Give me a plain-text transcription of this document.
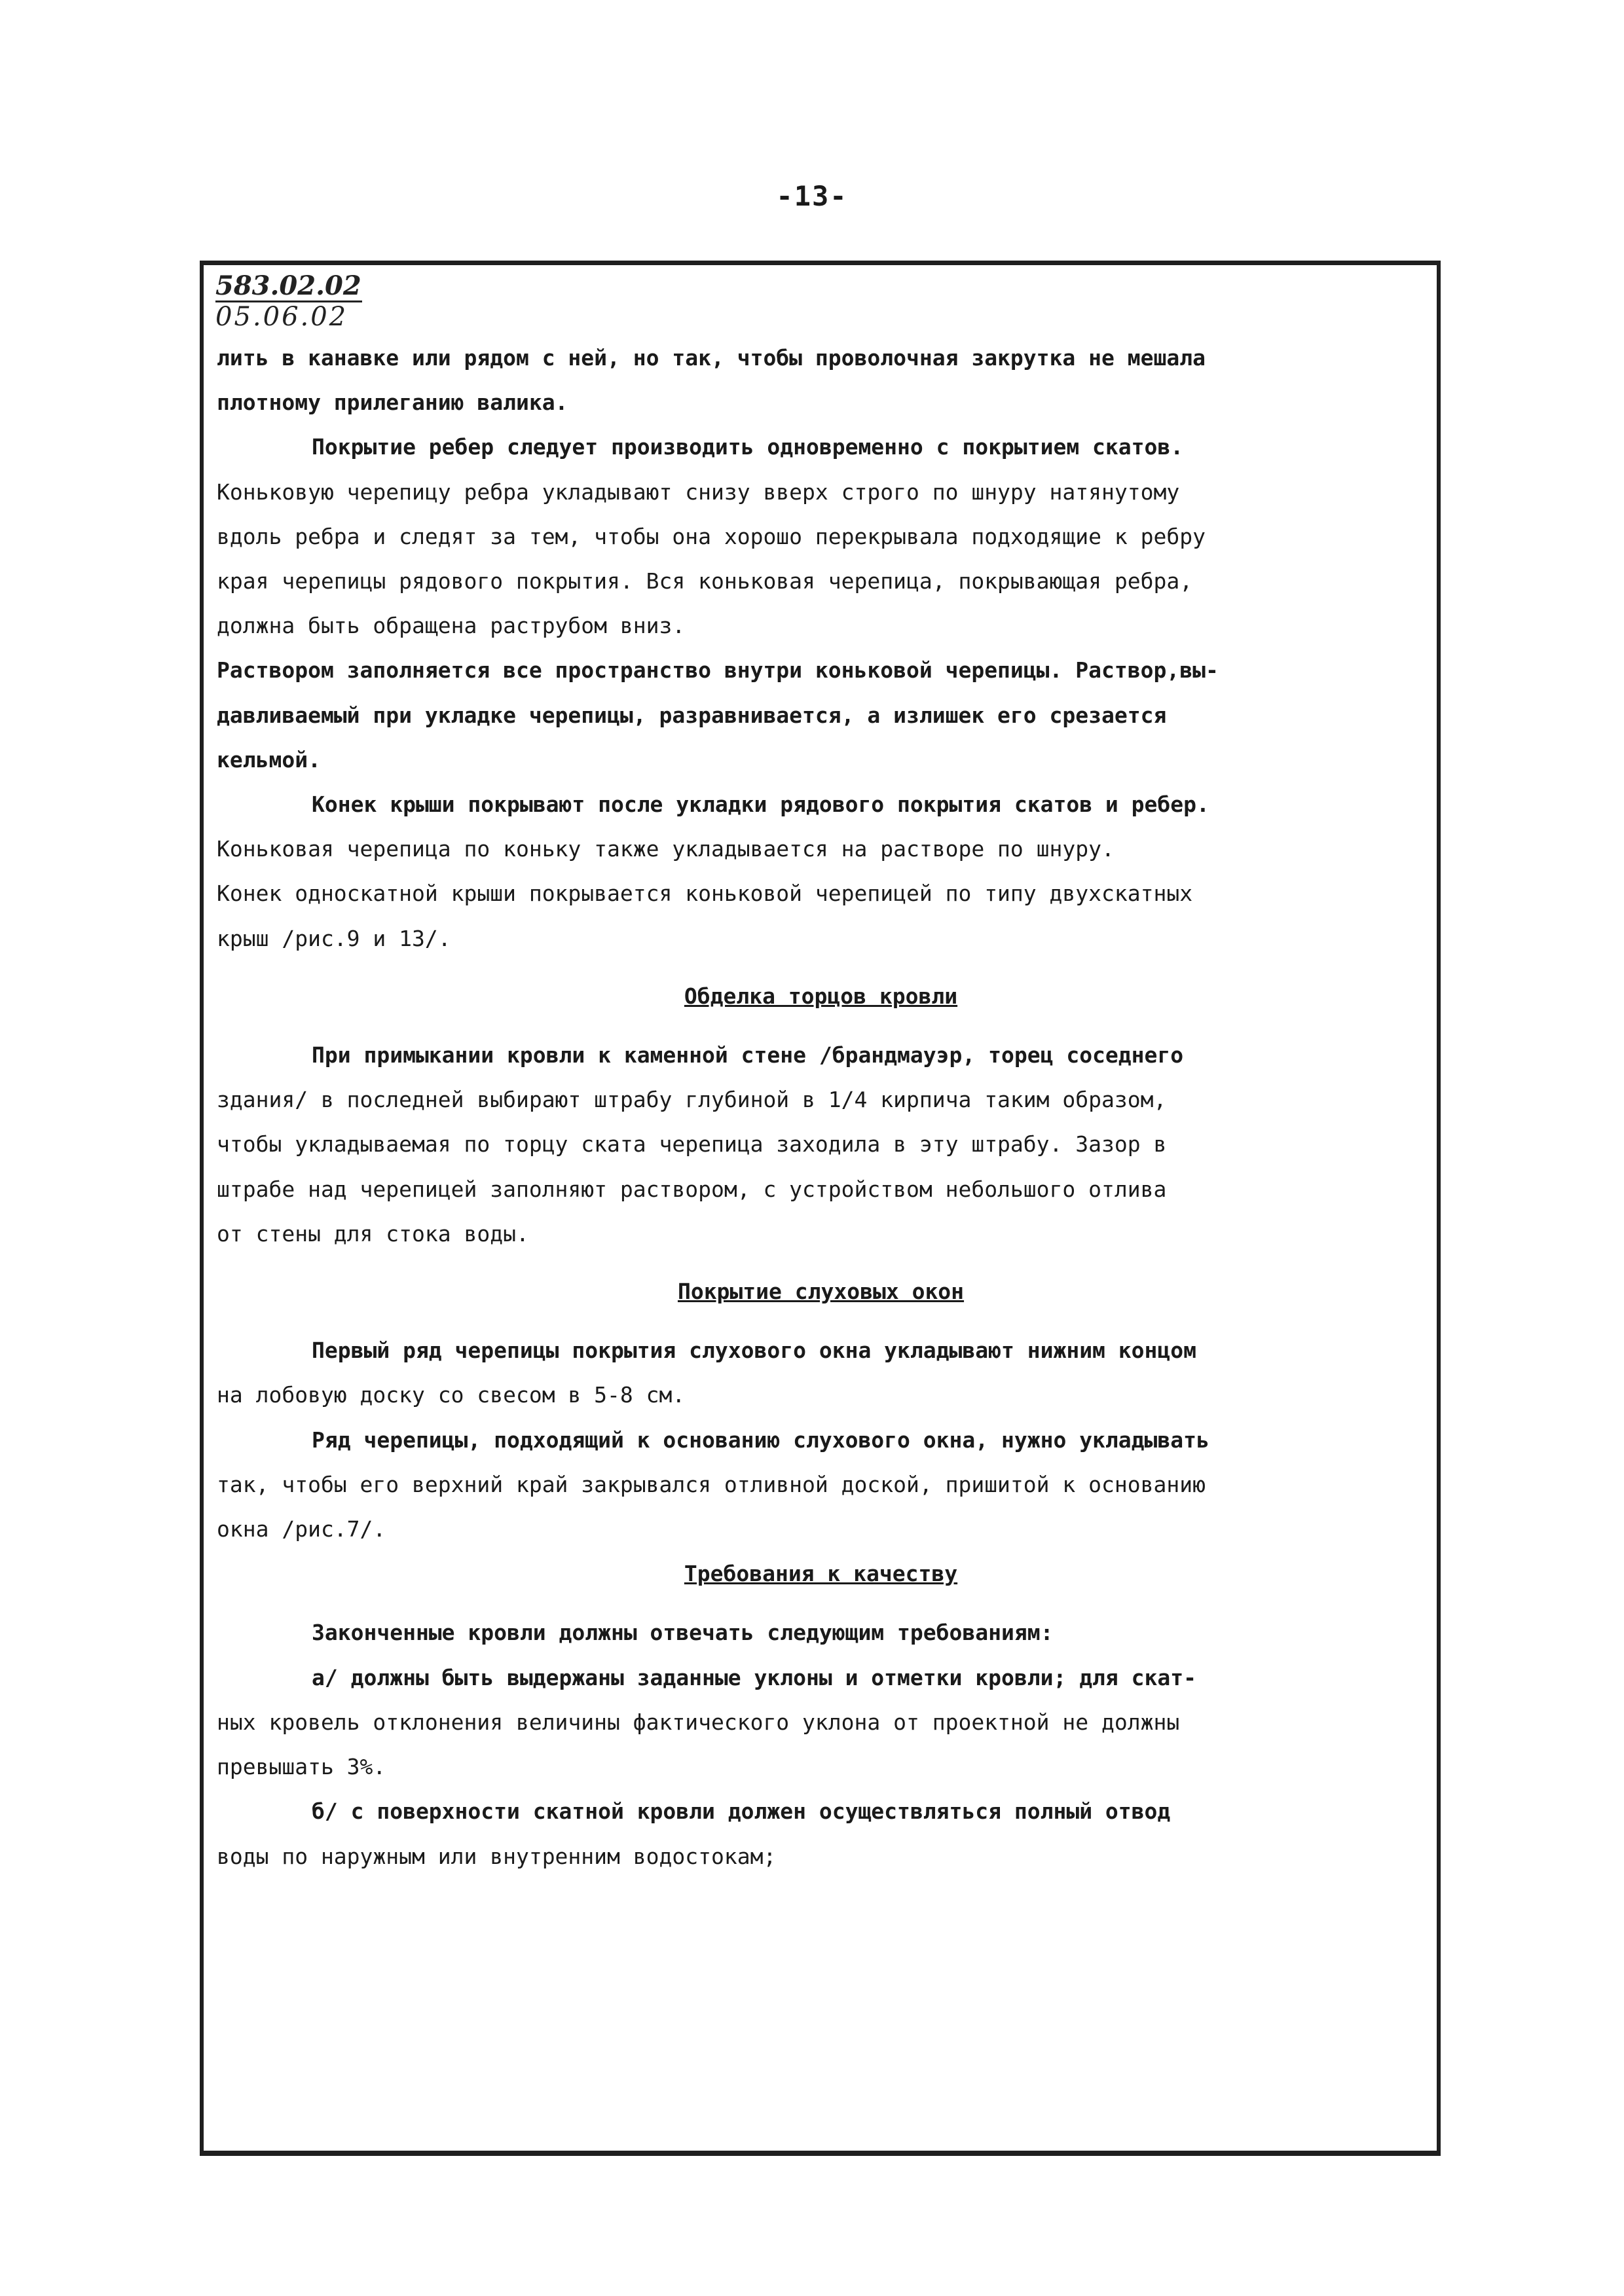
-13-
583.02.02
05.06.02

лить в канавке или рядом с ней, но так, чтобы проволочная закрутка не мешала

плотному прилеганию валика.

Покрытие ребер следует производить одновременно с покрытием скатов.

Коньковую черепицу ребра укладывают снизу вверх строго по шнуру натянутому

вдоль ребра и следят за тем, чтобы она хорошо перекрывала подходящие к ребру

края черепицы рядового покрытия. Вся коньковая черепица, покрывающая ребра,

должна быть обращена раструбом вниз.

Раствором заполняется все пространство внутри коньковой черепицы. Раствор,вы-

давливаемый при укладке черепицы, разравнивается, а излишек его срезается

кельмой.

Конек крыши покрывают после укладки рядового покрытия скатов и ребер.

Коньковая черепица по коньку также укладывается на растворе по шнуру.

Конек односкатной крыши покрывается коньковой черепицей по типу двухскатных

крыш /рис.9 и 13/.

Обделка торцов кровли

При примыкании кровли к каменной стене /брандмауэр, торец соседнего

здания/ в последней выбирают штрабу глубиной в 1/4 кирпича таким образом,

чтобы укладываемая по торцу ската черепица заходила в эту штрабу. Зазор в

штрабе над черепицей заполняют раствором, с устройством небольшого отлива

от стены для стока воды.

Покрытие слуховых окон

Первый ряд черепицы покрытия слухового окна укладывают нижним концом

на лобовую доску со свесом в 5-8 см.

Ряд черепицы, подходящий к основанию слухового окна, нужно укладывать

так, чтобы его верхний край закрывался отливной доской, пришитой к основанию

окна /рис.7/.

Требования к качеству

Законченные кровли должны отвечать следующим требованиям:

а/ должны быть выдержаны заданные уклоны и отметки кровли; для скат-

ных кровель отклонения величины фактического уклона от проектной не должны

превышать 3%.

б/ с поверхности скатной кровли должен осуществляться полный отвод

воды по наружным или внутренним водостокам;
